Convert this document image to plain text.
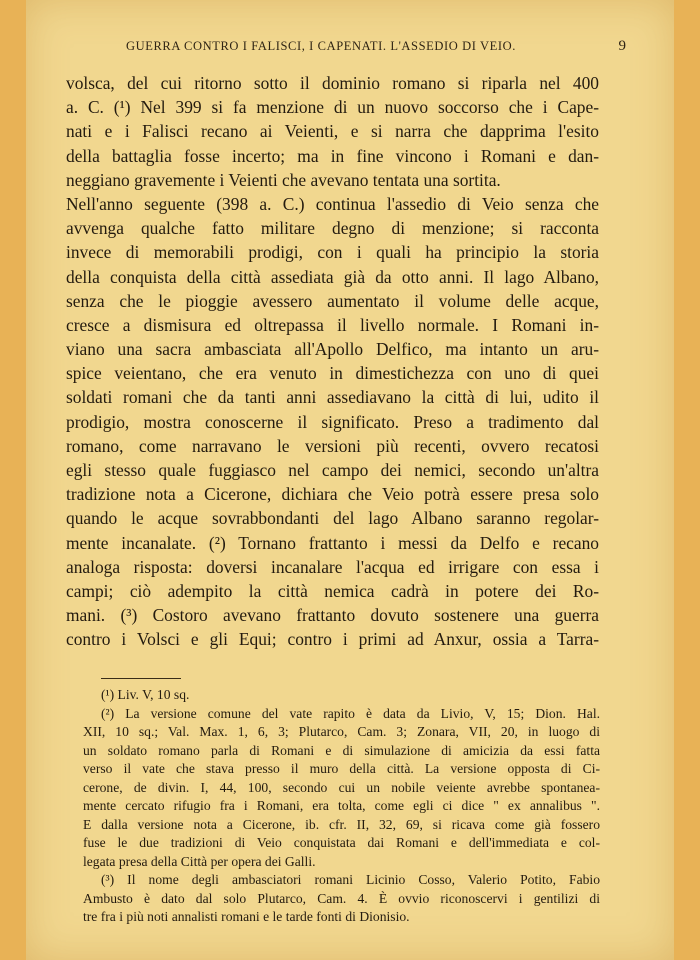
GUERRA CONTRO I FALISCI, I CAPENATI. L'ASSEDIO DI VEIO.	9
volsca, del cui ritorno sotto il dominio romano si riparla nel 400
a. C. (¹) Nel 399 si fa menzione di un nuovo soccorso che i Cape-
nati e i Falisci recano ai Veienti, e si narra che dapprima l'esito
della battaglia fosse incerto; ma in fine vincono i Romani e dan-
neggiano gravemente i Veienti che avevano tentata una sortita.
Nell'anno seguente (398 a. C.) continua l'assedio di Veio senza che
avvenga qualche fatto militare degno di menzione; si racconta
invece di memorabili prodigi, con i quali ha principio la storia
della conquista della città assediata già da otto anni. Il lago Albano,
senza che le pioggie avessero aumentato il volume delle acque,
cresce a dismisura ed oltrepassa il livello normale. I Romani in-
viano una sacra ambasciata all'Apollo Delfico, ma intanto un aru-
spice veientano, che era venuto in dimestichezza con uno di quei
soldati romani che da tanti anni assediavano la città di lui, udito il
prodigio, mostra conoscerne il significato. Preso a tradimento dal
romano, come narravano le versioni più recenti, ovvero recatosi
egli stesso quale fuggiasco nel campo dei nemici, secondo un'altra
tradizione nota a Cicerone, dichiara che Veio potrà essere presa solo
quando le acque sovrabbondanti del lago Albano saranno regolar-
mente incanalate. (²) Tornano frattanto i messi da Delfo e recano
analoga risposta: doversi incanalare l'acqua ed irrigare con essa i
campi; ciò adempito la città nemica cadrà in potere dei Ro-
mani. (³) Costoro avevano frattanto dovuto sostenere una guerra
contro i Volsci e gli Equi; contro i primi ad Anxur, ossia a Tarra-
(¹) Liv. V, 10 sq.
(²) La versione comune del vate rapito è data da Livio, V, 15; Dion. Hal.
XII, 10 sq.; Val. Max. 1, 6, 3; Plutarco, Cam. 3; Zonara, VII, 20, in luogo di
un soldato romano parla di Romani e di simulazione di amicizia da essi fatta
verso il vate che stava presso il muro della città. La versione opposta di Ci-
cerone, de divin. I, 44, 100, secondo cui un nobile veiente avrebbe spontanea-
mente cercato rifugio fra i Romani, era tolta, come egli ci dice " ex annalibus ".
E dalla versione nota a Cicerone, ib. cfr. II, 32, 69, si ricava come già fossero
fuse le due tradizioni di Veio conquistata dai Romani e dell'immediata e col-
legata presa della Città per opera dei Galli.
(³) Il nome degli ambasciatori romani Licinio Cosso, Valerio Potito, Fabio
Ambusto è dato dal solo Plutarco, Cam. 4. È ovvio riconoscervi i gentilizi di
tre fra i più noti annalisti romani e le tarde fonti di Dionisio.
